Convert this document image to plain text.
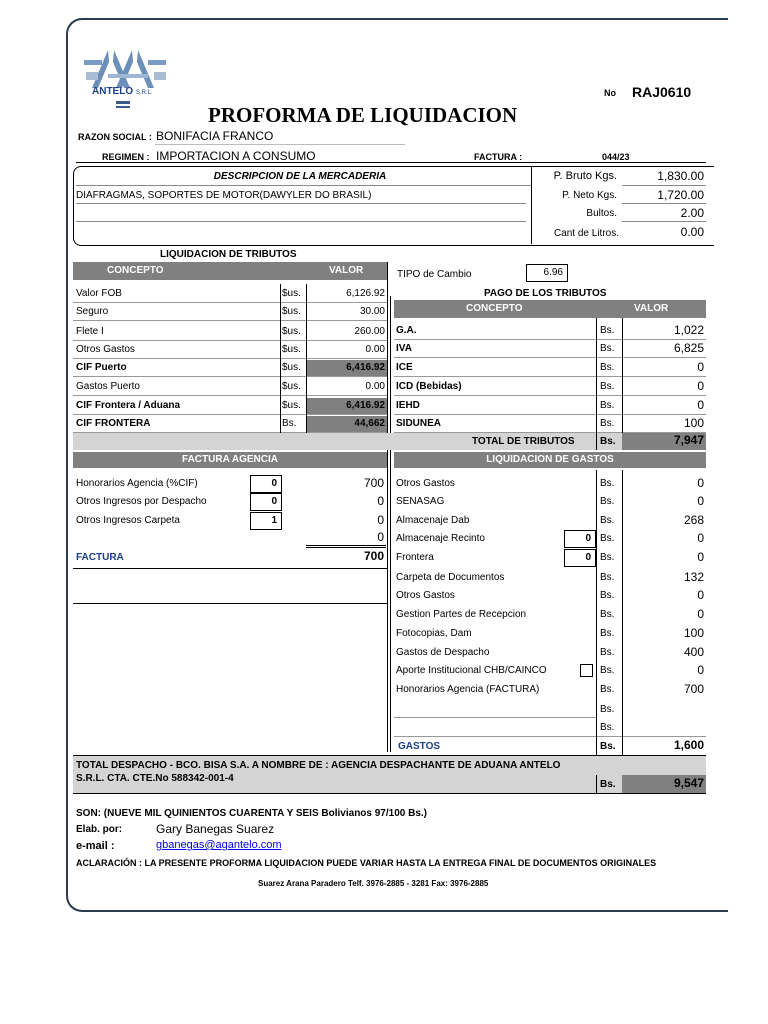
ANTELO S.R.L.	No RAJ0610
PROFORMA DE LIQUIDACION
RAZON SOCIAL : BONIFACIA FRANCO
REGIMEN : IMPORTACION A CONSUMO	FACTURA :	044/23
DESCRIPCION DE LA MERCADERIA
DIAFRAGMAS, SOPORTES DE MOTOR(DAWYLER DO BRASIL)
P. Bruto Kgs.	1,830.00
P. Neto Kgs.	1,720.00
Bultos.	2.00
Cant de Litros.	0.00
LIQUIDACION DE TRIBUTOS
CONCEPTO	VALOR
Valor FOB	$us.	6,126.92
Seguro	$us.	30.00
Flete I	$us.	260.00
Otros Gastos	$us.	0.00
CIF Puerto	$us.	6,416.92
Gastos Puerto	$us.	0.00
CIF Frontera / Aduana	$us.	6,416.92
CIF FRONTERA	Bs.	44,662
TIPO de Cambio	6.96
PAGO DE LOS TRIBUTOS
CONCEPTO	VALOR
G.A.	Bs.	1,022
IVA	Bs.	6,825
ICE	Bs.	0
ICD (Bebidas)	Bs.	0
IEHD	Bs.	0
SIDUNEA	Bs.	100
TOTAL DE TRIBUTOS	Bs.	7,947
FACTURA AGENCIA
Honorarios Agencia (%CIF)	0	700
Otros Ingresos por Despacho	0	0
Otros Ingresos Carpeta	1	0
0
FACTURA	700
LIQUIDACION DE GASTOS
Otros Gastos	Bs.	0
SENASAG	Bs.	0
Almacenaje Dab	Bs.	268
Almacenaje Recinto	0 Bs.	0
Frontera	0 Bs.	0
Carpeta de Documentos	Bs.	132
Otros Gastos	Bs.	0
Gestion Partes de Recepcion	Bs.	0
Fotocopias, Dam	Bs.	100
Gastos de Despacho	Bs.	400
Aporte Institucional CHB/CAINCO	Bs.	0
Honorarios Agencia (FACTURA)	Bs.	700
Bs.
Bs.
GASTOS	Bs.	1,600
TOTAL DESPACHO - BCO. BISA S.A. A NOMBRE DE : AGENCIA DESPACHANTE DE ADUANA ANTELO
S.R.L. CTA. CTE.No 588342-001-4
Bs.	9,547
SON: (NUEVE MIL QUINIENTOS CUARENTA Y SEIS Bolivianos 97/100 Bs.)
Elab. por:	Gary Banegas Suarez
e-mail :	gbanegas@agantelo.com
ACLARACIÓN : LA PRESENTE PROFORMA LIQUIDACION PUEDE VARIAR HASTA LA ENTREGA FINAL DE DOCUMENTOS ORIGINALES
Suarez Arana Paradero Telf. 3976-2885 - 3281 Fax: 3976-2885
